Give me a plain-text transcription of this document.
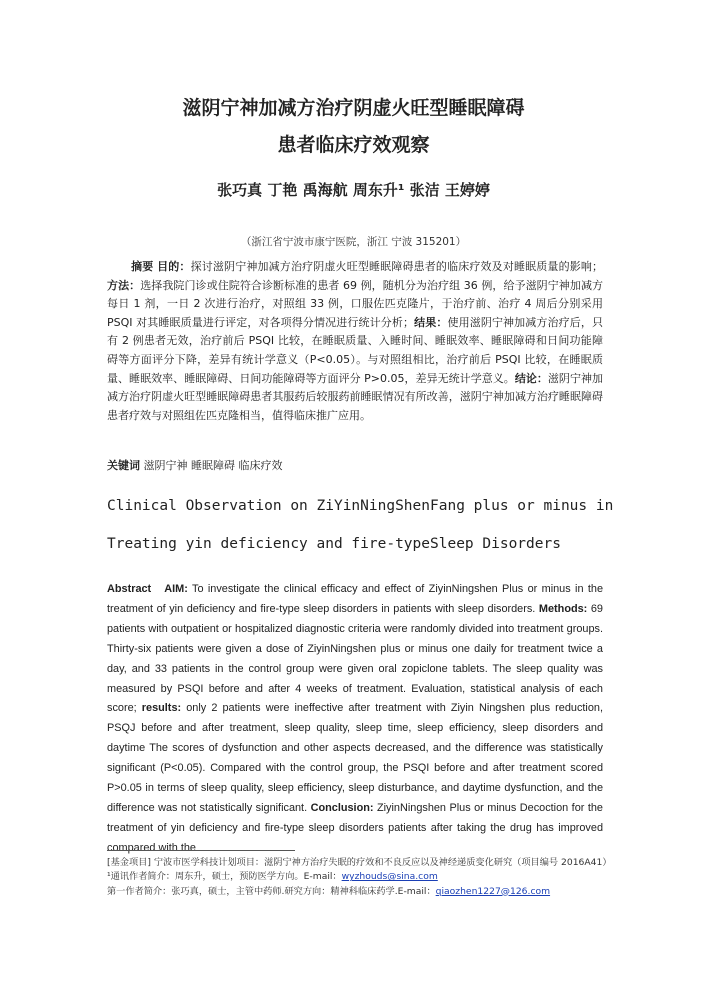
滋阴宁神加减方治疗阴虚火旺型睡眠障碍
患者临床疗效观察
张巧真 丁艳 禹海航 周东升¹ 张洁 王婷婷
（浙江省宁波市康宁医院，浙江 宁波 315201）
摘要 目的：探讨滋阴宁神加减方治疗阴虚火旺型睡眠障碍患者的临床疗效及对睡眠质量的影响；方法：选择我院门诊或住院符合诊断标准的患者 69 例，随机分为治疗组 36 例，给予滋阴宁神加减方每日 1 剂，一日 2 次进行治疗，对照组 33 例，口服佐匹克隆片，于治疗前、治疗 4 周后分别采用 PSQI 对其睡眠质量进行评定，对各项得分情况进行统计分析；结果：使用滋阴宁神加减方治疗后，只有 2 例患者无效，治疗前后 PSQI 比较，在睡眠质量、入睡时间、睡眠效率、睡眠障碍和日间功能障碍等方面评分下降，差异有统计学意义（P<0.05）。与对照组相比，治疗前后 PSQI 比较，在睡眠质量、睡眠效率、睡眠障碍、日间功能障碍等方面评分 P>0.05，差异无统计学意义。结论：滋阴宁神加减方治疗阴虚火旺型睡眠障碍患者其服药后较服药前睡眠情况有所改善，滋阴宁神加减方治疗睡眠障碍患者疗效与对照组佐匹克隆相当，值得临床推广应用。
关键词 滋阴宁神 睡眠障碍 临床疗效
Clinical Observation on ZiYinNingShenFang plus or minus in
Treating yin deficiency and fire-typeSleep Disorders
Abstract AIM: To investigate the clinical efficacy and effect of ZiyinNingshen Plus or minus in the treatment of yin deficiency and fire-type sleep disorders in patients with sleep disorders. Methods: 69 patients with outpatient or hospitalized diagnostic criteria were randomly divided into treatment groups. Thirty-six patients were given a dose of ZiyinNingshen plus or minus one daily for treatment twice a day, and 33 patients in the control group were given oral zopiclone tablets. The sleep quality was measured by PSQI before and after 4 weeks of treatment. Evaluation, statistical analysis of each score; results: only 2 patients were ineffective after treatment with Ziyin Ningshen plus reduction, PSQJ before and after treatment, sleep quality, sleep time, sleep efficiency, sleep disorders and daytime The scores of dysfunction and other aspects decreased, and the difference was statistically significant (P<0.05). Compared with the control group, the PSQI before and after treatment scored P>0.05 in terms of sleep quality, sleep efficiency, sleep disturbance, and daytime dysfunction, and the difference was not statistically significant. Conclusion: ZiyinNingshen Plus or minus Decoction for the treatment of yin deficiency and fire-type sleep disorders patients after taking the drug has improved compared with the
[基金项目] 宁波市医学科技计划项目：滋阴宁神方治疗失眠的疗效和不良反应以及神经递质变化研究（项目编号 2016A41）
¹通讯作者简介：周东升，硕士，预防医学方向。E-mail：wyzhouds@sina.com
第一作者简介：张巧真，硕士，主管中药师.研究方向：精神科临床药学.E-mail：qiaozhen1227@126.com
